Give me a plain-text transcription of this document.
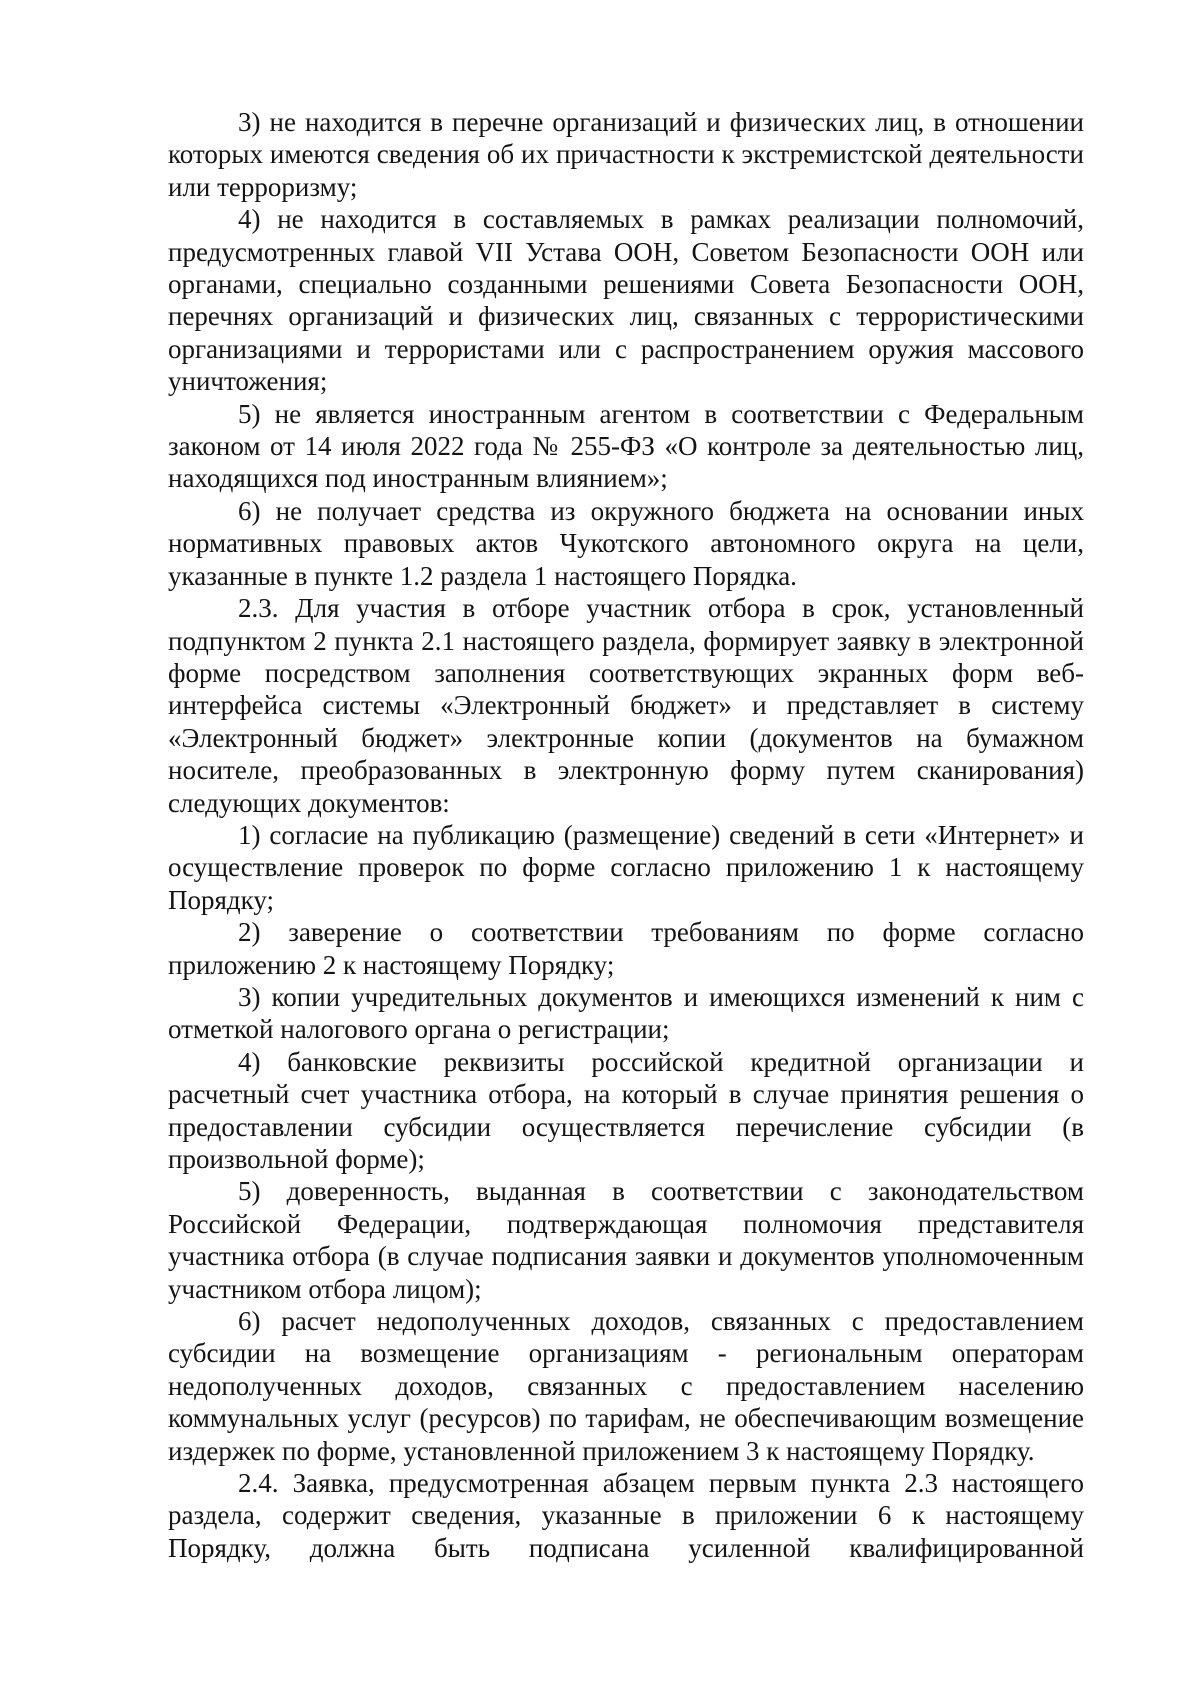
3) не находится в перечне организаций и физических лиц, в отношении которых имеются сведения об их причастности к экстремистской деятельности или терроризму;

4) не находится в составляемых в рамках реализации полномочий, предусмотренных главой VII Устава ООН, Советом Безопасности ООН или органами, специально созданными решениями Совета Безопасности ООН, перечнях организаций и физических лиц, связанных с террористическими организациями и террористами или с распространением оружия массового уничтожения;

5) не является иностранным агентом в соответствии с Федеральным законом от 14 июля 2022 года № 255-ФЗ «О контроле за деятельностью лиц, находящихся под иностранным влиянием»;

6) не получает средства из окружного бюджета на основании иных нормативных правовых актов Чукотского автономного округа на цели, указанные в пункте 1.2 раздела 1 настоящего Порядка.

2.3. Для участия в отборе участник отбора в срок, установленный подпунктом 2 пункта 2.1 настоящего раздела, формирует заявку в электронной форме посредством заполнения соответствующих экранных форм веб-интерфейса системы «Электронный бюджет» и представляет в систему «Электронный бюджет» электронные копии (документов на бумажном носителе, преобразованных в электронную форму путем сканирования) следующих документов:

1) согласие на публикацию (размещение) сведений в сети «Интернет» и осуществление проверок по форме согласно приложению 1 к настоящему Порядку;

2) заверение о соответствии требованиям по форме согласно приложению 2 к настоящему Порядку;

3) копии учредительных документов и имеющихся изменений к ним с отметкой налогового органа о регистрации;

4) банковские реквизиты российской кредитной организации и расчетный счет участника отбора, на который в случае принятия решения о предоставлении субсидии осуществляется перечисление субсидии (в произвольной форме);

5) доверенность, выданная в соответствии с законодательством Российской Федерации, подтверждающая полномочия представителя участника отбора (в случае подписания заявки и документов уполномоченным участником отбора лицом);

6) расчет недополученных доходов, связанных с предоставлением субсидии на возмещение организациям - региональным операторам недополученных доходов, связанных с предоставлением населению коммунальных услуг (ресурсов) по тарифам, не обеспечивающим возмещение издержек по форме, установленной приложением 3 к настоящему Порядку.

2.4. Заявка, предусмотренная абзацем первым пункта 2.3 настоящего раздела, содержит сведения, указанные в приложении 6 к настоящему Порядку, должна быть подписана усиленной квалифицированной
